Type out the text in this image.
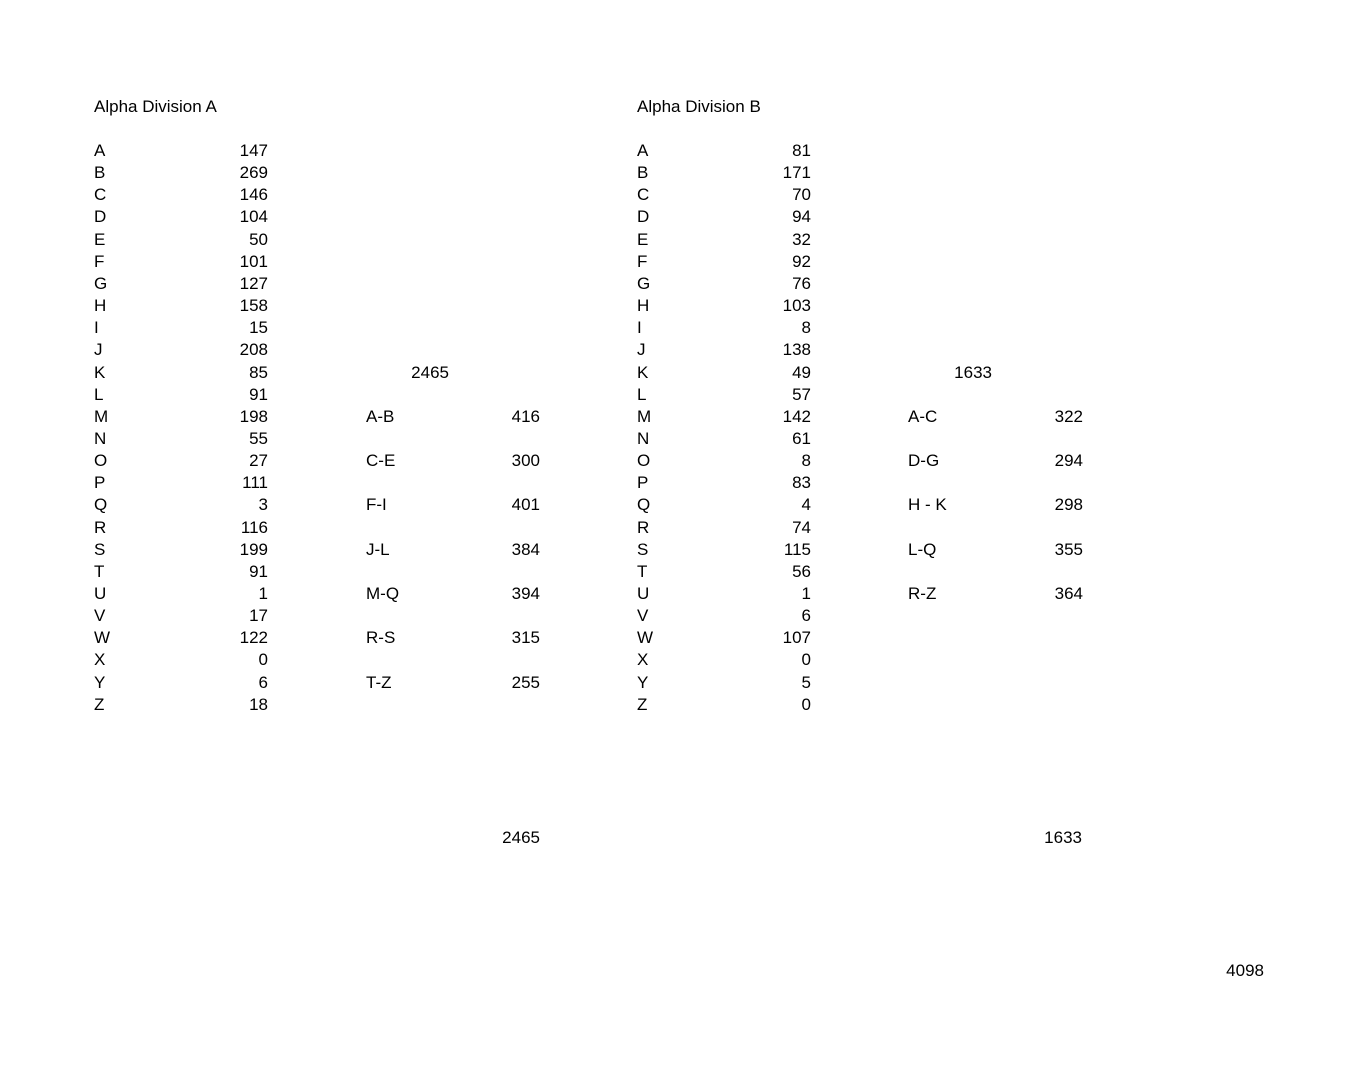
Alpha Division A
A	147
B	269
C	146
D	104
E	50
F	101
G	127
H	158
I	15
J	208
K	85
L	91
M	198
N	55
O	27
P	111
Q	3
R	116
S	199
T	91
U	1
V	17
W	122
X	0
Y	6
Z	18
2465
A-B	416
C-E	300
F-I	401
J-L	384
M-Q	394
R-S	315
T-Z	255
2465
Alpha Division B
A	81
B	171
C	70
D	94
E	32
F	92
G	76
H	103
I	8
J	138
K	49
L	57
M	142
N	61
O	8
P	83
Q	4
R	74
S	115
T	56
U	1
V	6
W	107
X	0
Y	5
Z	0
1633
A-C	322
D-G	294
H - K	298
L-Q	355
R-Z	364
1633
4098
